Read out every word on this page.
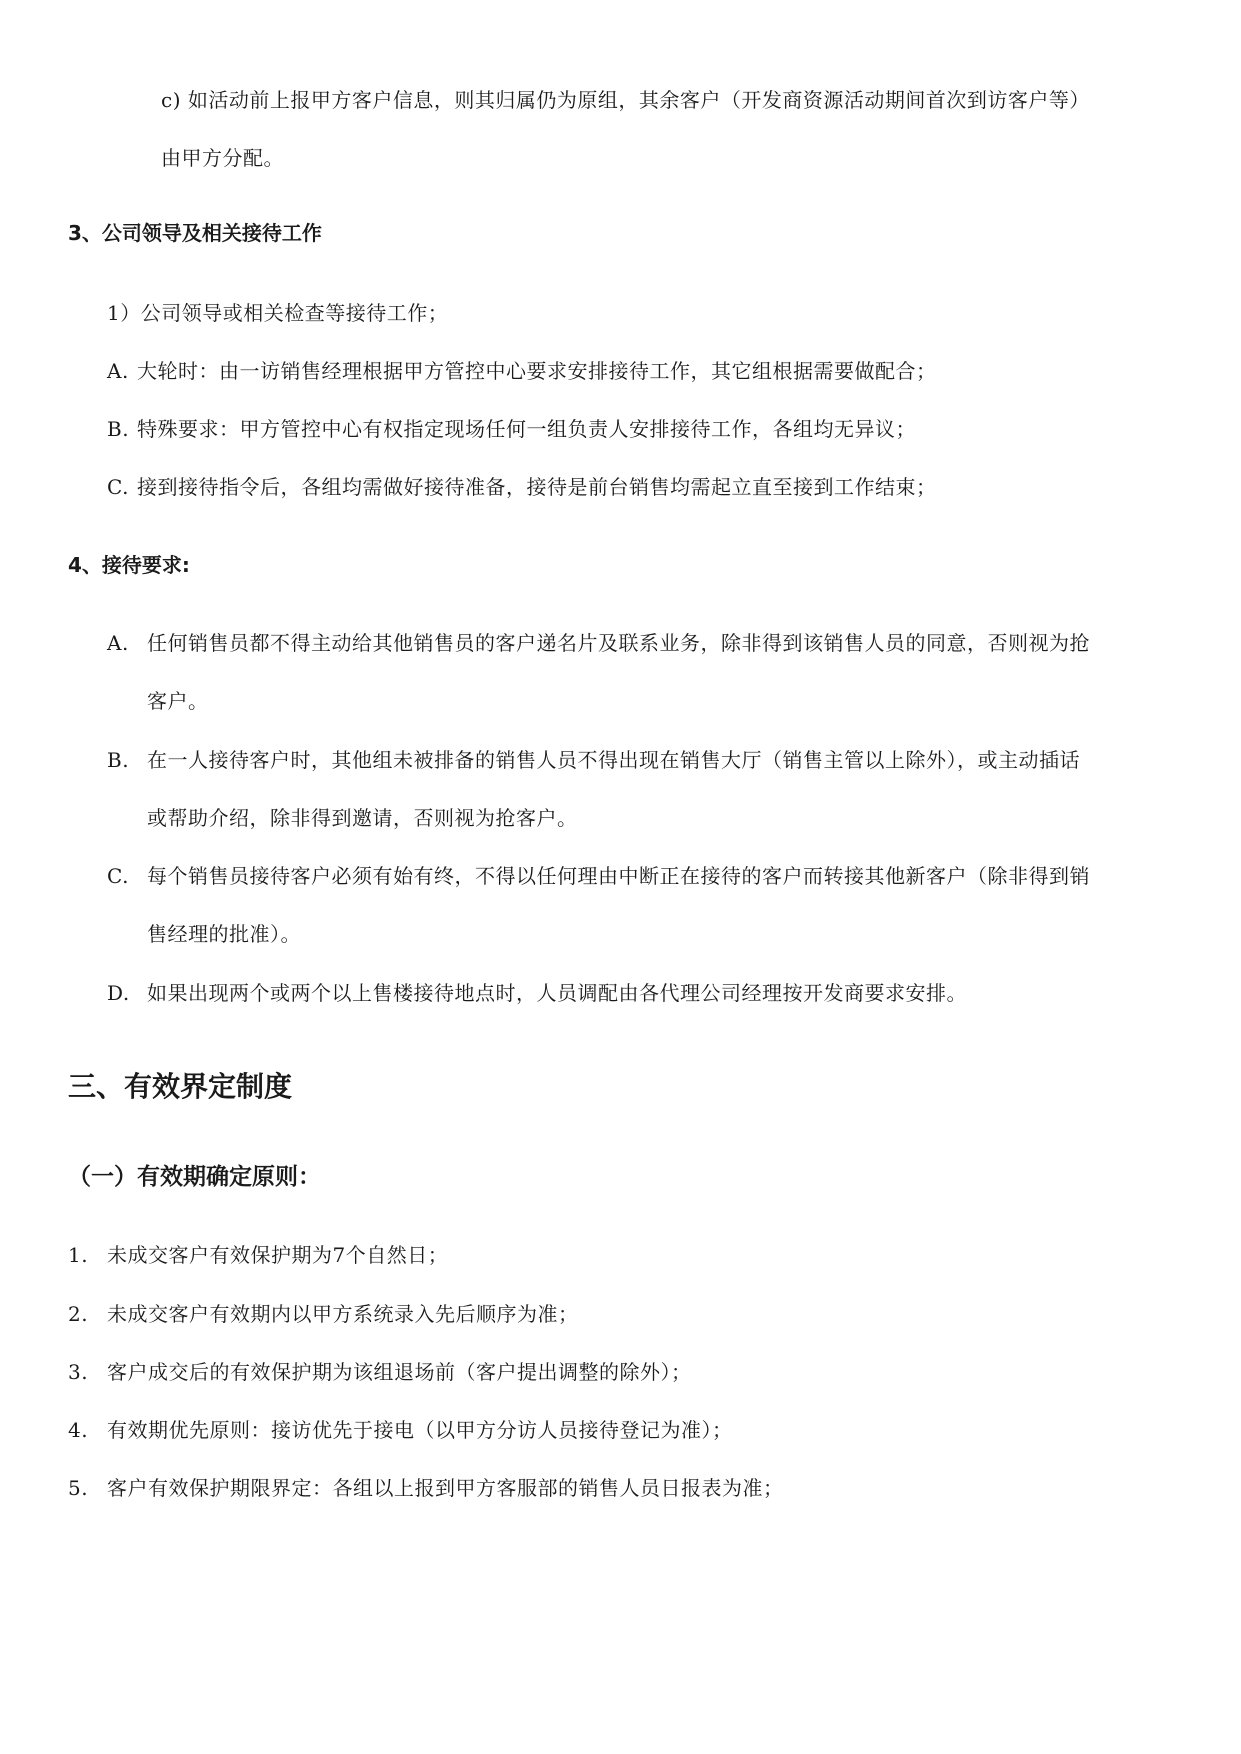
c) 如活动前上报甲方客户信息，则其归属仍为原组，其余客户（开发商资源活动期间首次到访客户等）
由甲方分配。
3、公司领导及相关接待工作
1）公司领导或相关检查等接待工作；
A. 大轮时：由一访销售经理根据甲方管控中心要求安排接待工作，其它组根据需要做配合；
B. 特殊要求：甲方管控中心有权指定现场任何一组负责人安排接待工作，各组均无异议；
C. 接到接待指令后，各组均需做好接待准备，接待是前台销售均需起立直至接到工作结束；
4、接待要求:
A. 任何销售员都不得主动给其他销售员的客户递名片及联系业务，除非得到该销售人员的同意，否则视为抢
客户。
B. 在一人接待客户时，其他组未被排备的销售人员不得出现在销售大厅（销售主管以上除外），或主动插话
或帮助介绍，除非得到邀请，否则视为抢客户。
C. 每个销售员接待客户必须有始有终，不得以任何理由中断正在接待的客户而转接其他新客户（除非得到销
售经理的批准）。
D. 如果出现两个或两个以上售楼接待地点时，人员调配由各代理公司经理按开发商要求安排。
三、有效界定制度
（一）有效期确定原则：
1. 未成交客户有效保护期为7个自然日；
2. 未成交客户有效期内以甲方系统录入先后顺序为准；
3. 客户成交后的有效保护期为该组退场前（客户提出调整的除外）；
4. 有效期优先原则：接访优先于接电（以甲方分访人员接待登记为准）；
5. 客户有效保护期限界定：各组以上报到甲方客服部的销售人员日报表为准；
